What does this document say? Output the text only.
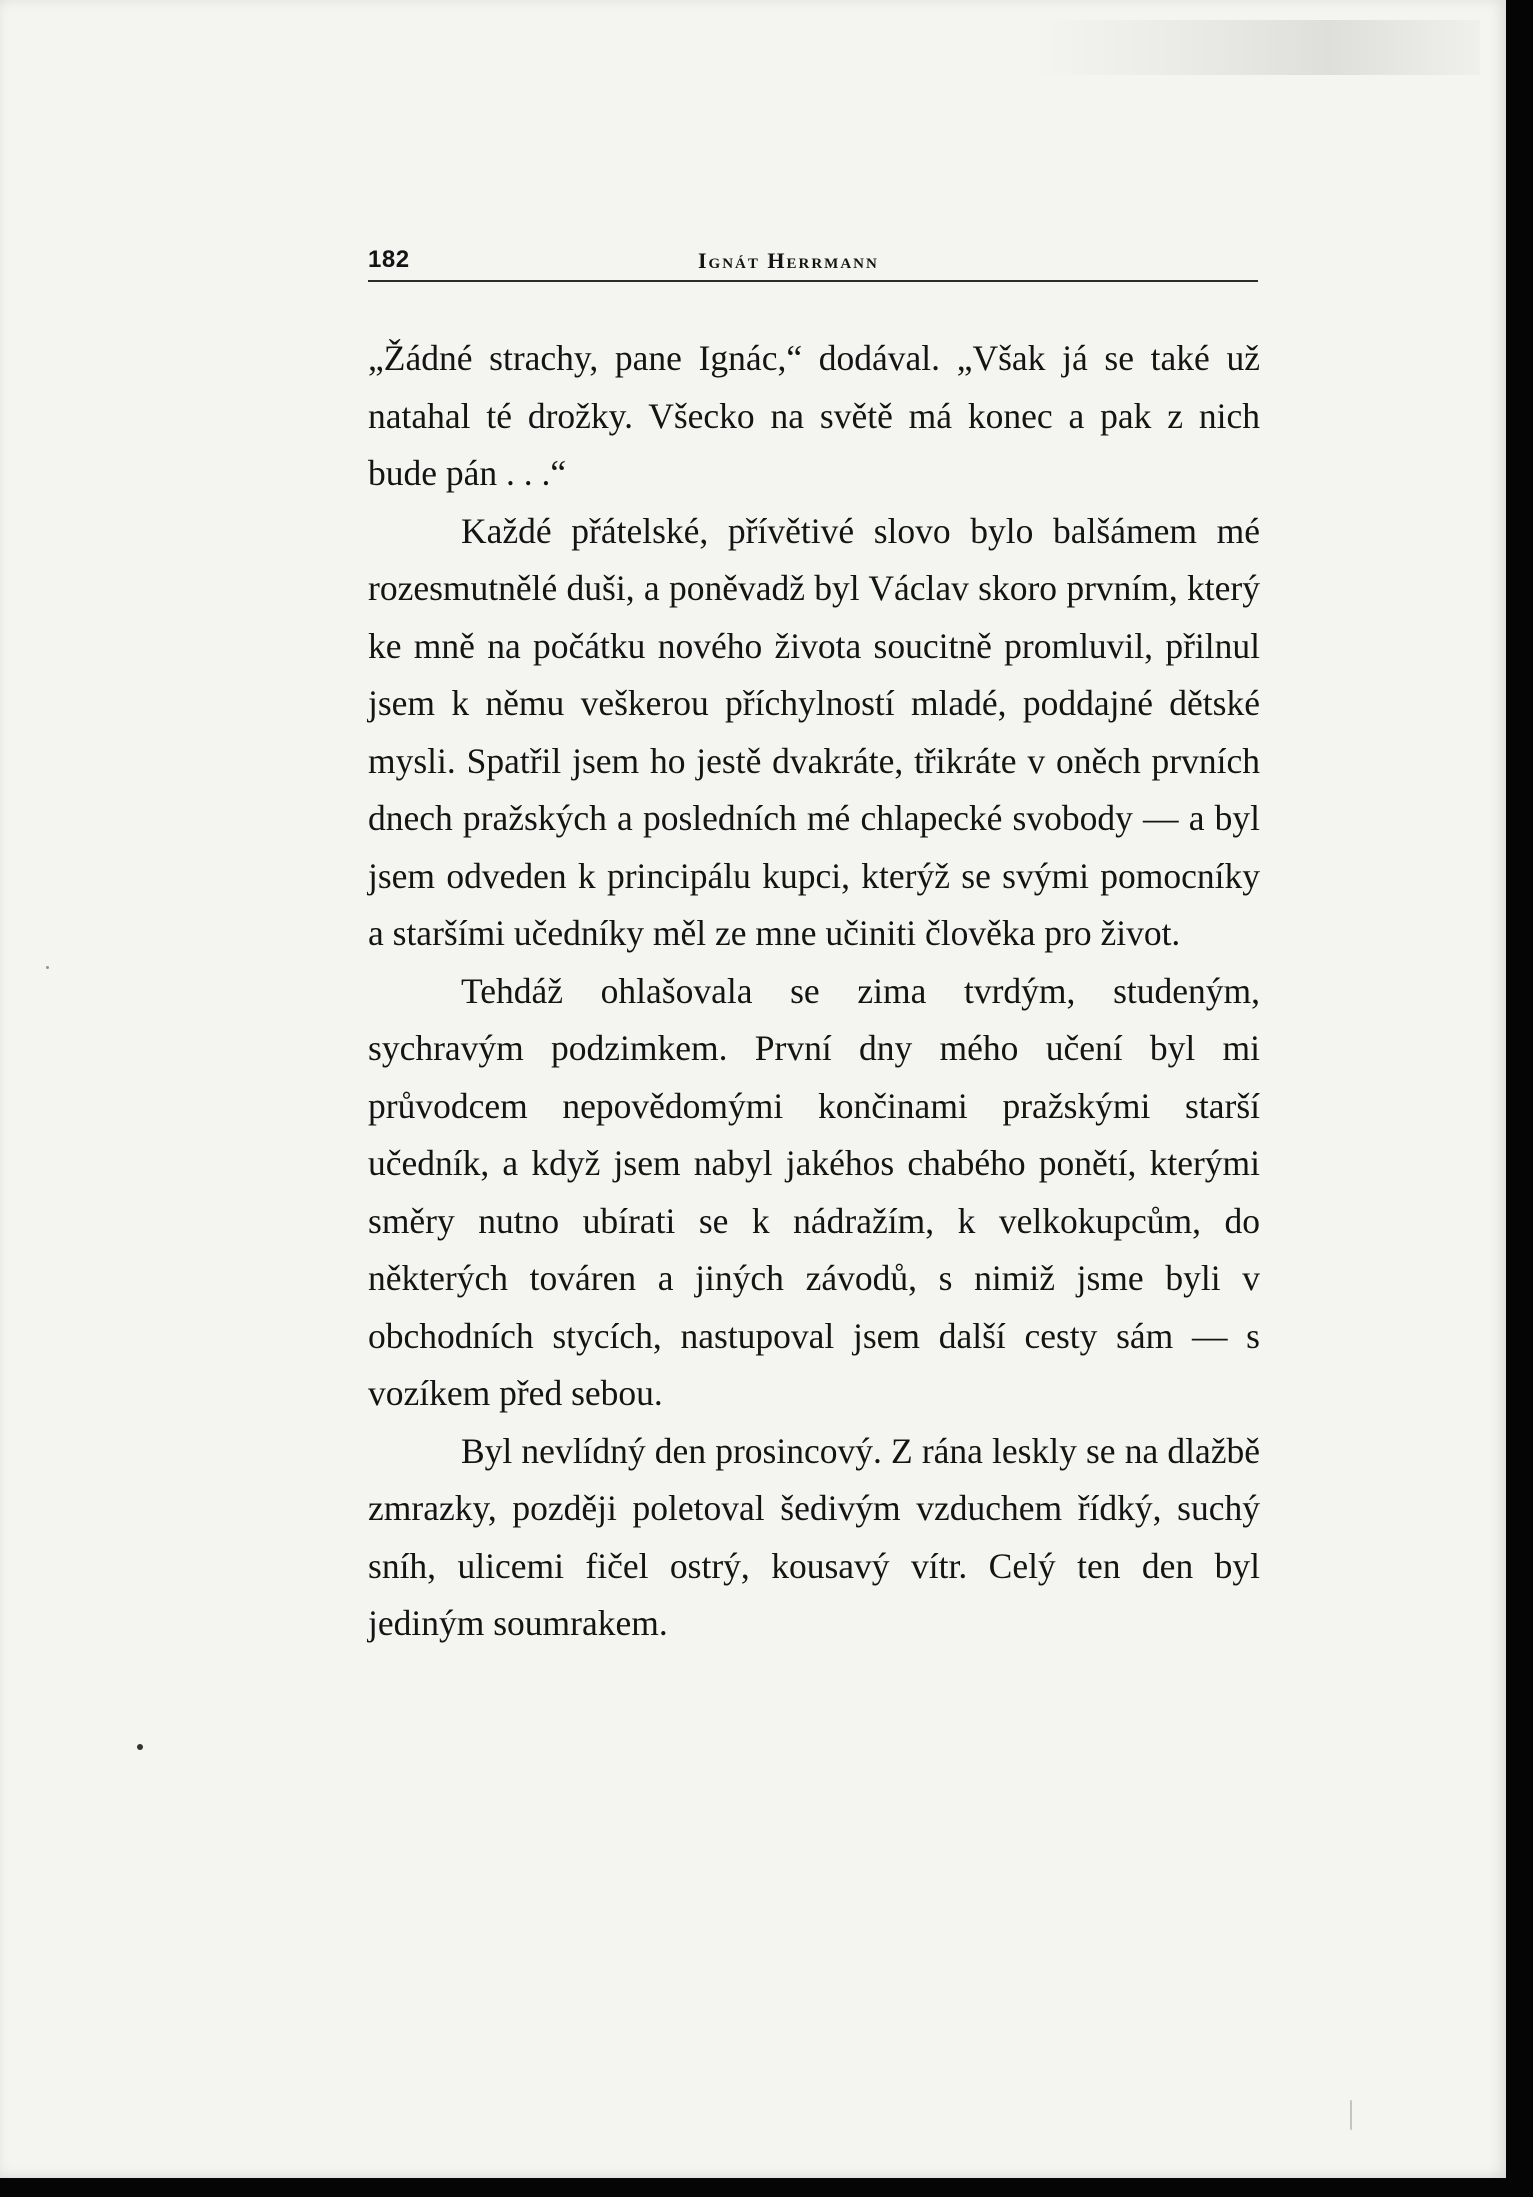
182	Ignát Herrmann

„Žádné strachy, pane Ignác,“ dodával. „Však já se také už natahal té drožky. Všecko na světě má konec a pak z nich bude pán . . .“

Každé přátelské, přívětivé slovo bylo balšámem mé rozesmutnělé duši, a poněvadž byl Václav skoro prvním, který ke mně na počátku nového života soucitně promluvil, přilnul jsem k němu veškerou příchylností mladé, poddajné dětské mysli. Spatřil jsem ho jestě dvakráte, třikráte v oněch prvních dnech pražských a posledních mé chlapecké svobody — a byl jsem odveden k principálu kupci, kterýž se svými pomocníky a staršími učedníky měl ze mne učiniti člověka pro život.

Tehdáž ohlašovala se zima tvrdým, studeným, sychravým podzimkem. První dny mého učení byl mi průvodcem nepovědomými končinami pražskými starší učedník, a když jsem nabyl jakéhos chabého ponětí, kterými směry nutno ubírati se k nádražím, k velkokupcům, do některých továren a jiných závodů, s nimiž jsme byli v obchodních stycích, nastupoval jsem další cesty sám — s vozíkem před sebou.

Byl nevlídný den prosincový. Z rána leskly se na dlažbě zmrazky, později poletoval šedivým vzduchem řídký, suchý sníh, ulicemi fičel ostrý, kousavý vítr. Celý ten den byl jediným soumrakem.
